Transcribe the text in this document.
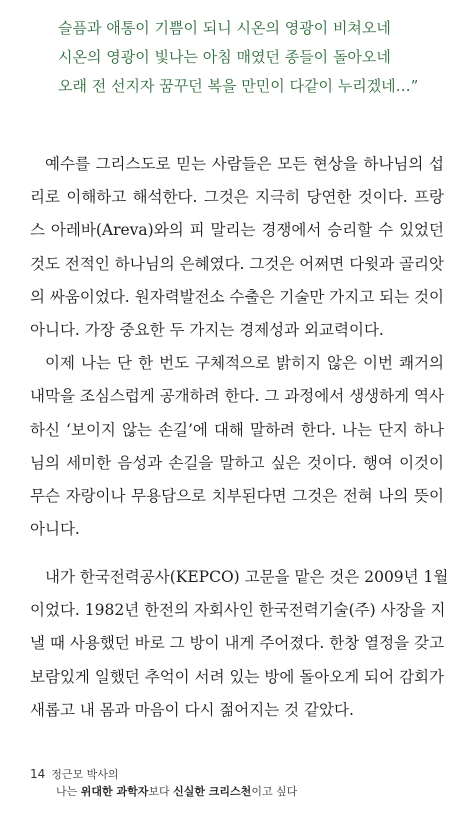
슬픔과 애통이 기쁨이 되니 시온의 영광이 비쳐오네
시온의 영광이 빛나는 아침 매였던 종들이 돌아오네
오래 전 선지자 꿈꾸던 복을 만민이 다같이 누리겠네…”
예수를 그리스도로 믿는 사람들은 모든 현상을 하나님의 섭
리로 이해하고 해석한다. 그것은 지극히 당연한 것이다. 프랑
스 아레바(Areva)와의 피 말리는 경쟁에서 승리할 수 있었던
것도 전적인 하나님의 은혜였다. 그것은 어쩌면 다윗과 골리앗
의 싸움이었다. 원자력발전소 수출은 기술만 가지고 되는 것이
아니다. 가장 중요한 두 가지는 경제성과 외교력이다.
이제 나는 단 한 번도 구체적으로 밝히지 않은 이번 쾌거의
내막을 조심스럽게 공개하려 한다. 그 과정에서 생생하게 역사
하신 ‘보이지 않는 손길’에 대해 말하려 한다. 나는 단지 하나
님의 세미한 음성과 손길을 말하고 싶은 것이다. 행여 이것이
무슨 자랑이나 무용담으로 치부된다면 그것은 전혀 나의 뜻이
아니다.
내가 한국전력공사(KEPCO) 고문을 맡은 것은 2009년 1월
이었다. 1982년 한전의 자회사인 한국전력기술(주) 사장을 지
낼 때 사용했던 바로 그 방이 내게 주어졌다. 한창 열정을 갖고
보람있게 일했던 추억이 서려 있는 방에 돌아오게 되어 감회가
새롭고 내 몸과 마음이 다시 젊어지는 것 같았다.
14 정근모 박사의
나는 위대한 과학자보다 신실한 크리스천이고 싶다
